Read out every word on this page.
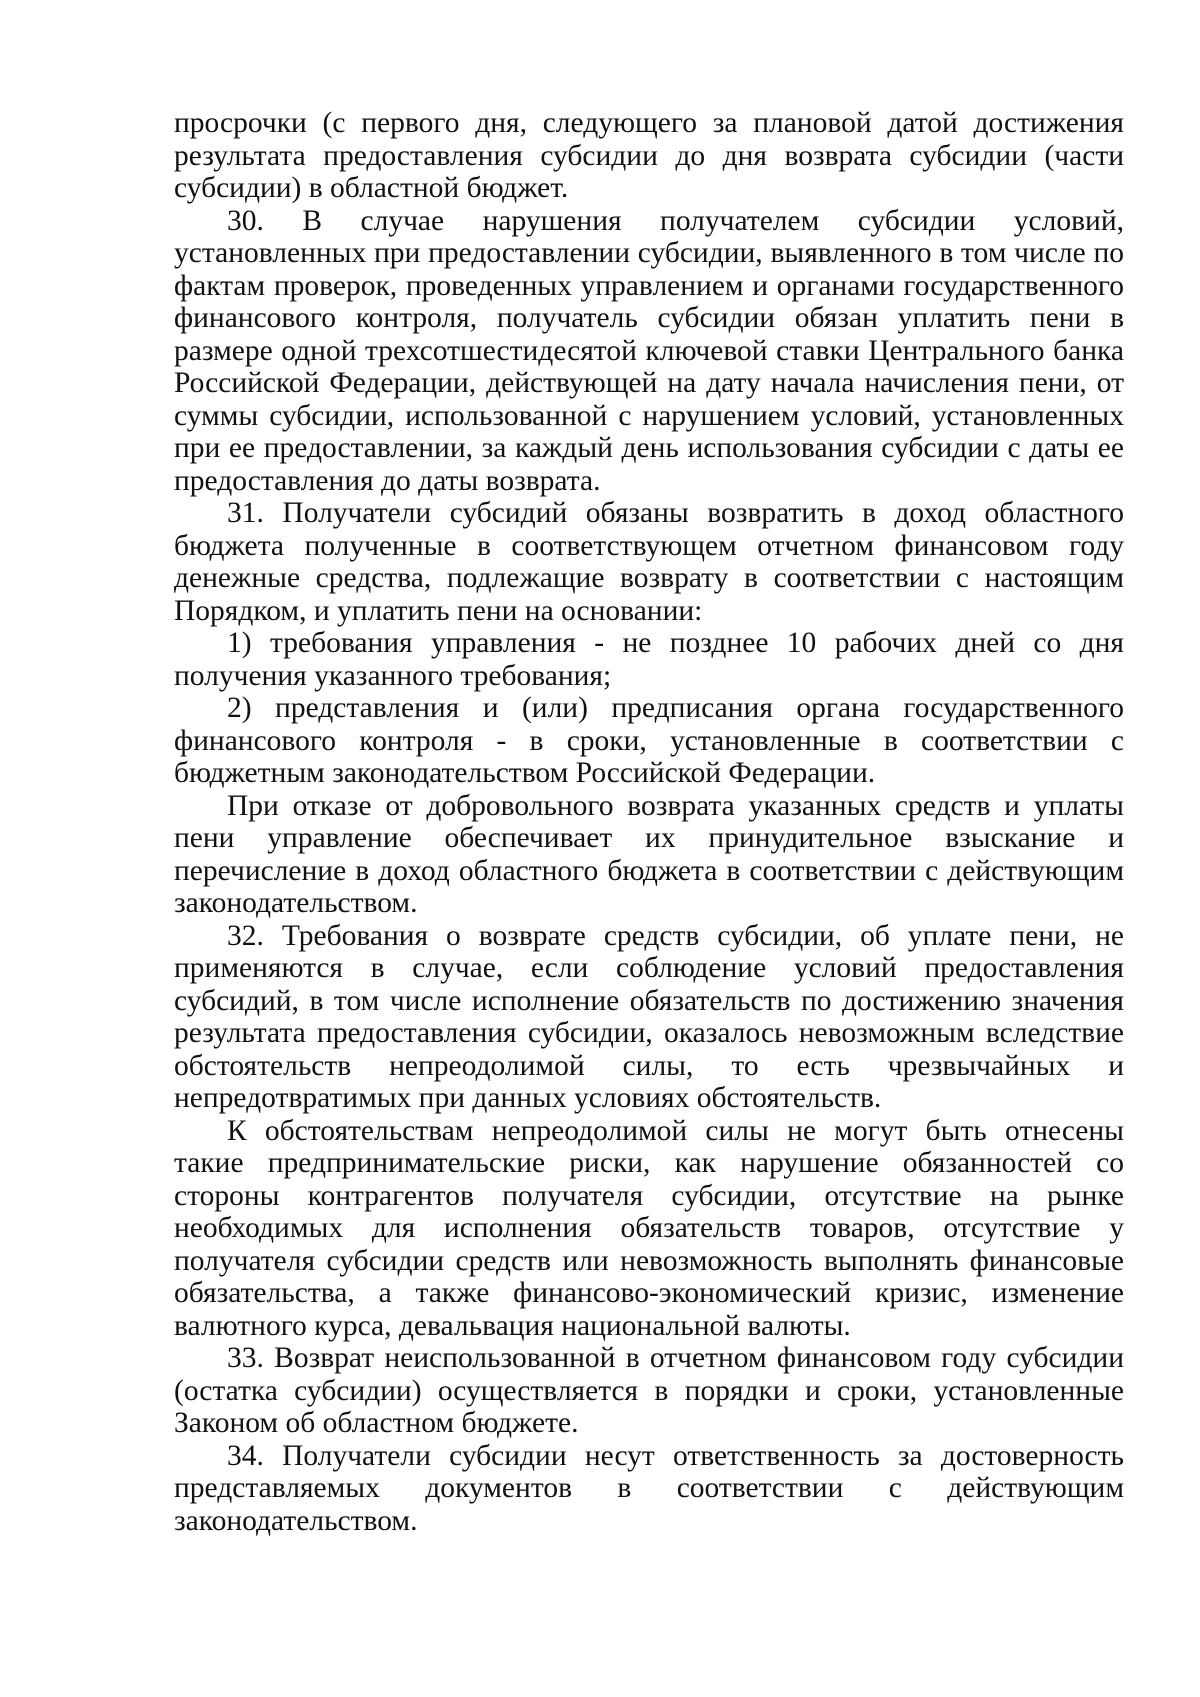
просрочки (с первого дня, следующего за плановой датой достижения результата предоставления субсидии до дня возврата субсидии (части субсидии) в областной бюджет.

30. В случае нарушения получателем субсидии условий, установленных при предоставлении субсидии, выявленного в том числе по фактам проверок, проведенных управлением и органами государственного финансового контроля, получатель субсидии обязан уплатить пени в размере одной трехсотшестидесятой ключевой ставки Центрального банка Российской Федерации, действующей на дату начала начисления пени, от суммы субсидии, использованной с нарушением условий, установленных при ее предоставлении, за каждый день использования субсидии с даты ее предоставления до даты возврата.

31. Получатели субсидий обязаны возвратить в доход областного бюджета полученные в соответствующем отчетном финансовом году денежные средства, подлежащие возврату в соответствии с настоящим Порядком, и уплатить пени на основании:

1) требования управления - не позднее 10 рабочих дней со дня получения указанного требования;

2) представления и (или) предписания органа государственного финансового контроля - в сроки, установленные в соответствии с бюджетным законодательством Российской Федерации.

При отказе от добровольного возврата указанных средств и уплаты пени управление обеспечивает их принудительное взыскание и перечисление в доход областного бюджета в соответствии с действующим законодательством.

32. Требования о возврате средств субсидии, об уплате пени, не применяются в случае, если соблюдение условий предоставления субсидий, в том числе исполнение обязательств по достижению значения результата предоставления субсидии, оказалось невозможным вследствие обстоятельств непреодолимой силы, то есть чрезвычайных и непредотвратимых при данных условиях обстоятельств.

К обстоятельствам непреодолимой силы не могут быть отнесены такие предпринимательские риски, как нарушение обязанностей со стороны контрагентов получателя субсидии, отсутствие на рынке необходимых для исполнения обязательств товаров, отсутствие у получателя субсидии средств или невозможность выполнять финансовые обязательства, а также финансово-экономический кризис, изменение валютного курса, девальвация национальной валюты.

33. Возврат неиспользованной в отчетном финансовом году субсидии (остатка субсидии) осуществляется в порядки и сроки, установленные Законом об областном бюджете.

34. Получатели субсидии несут ответственность за достоверность представляемых документов в соответствии с действующим законодательством.
